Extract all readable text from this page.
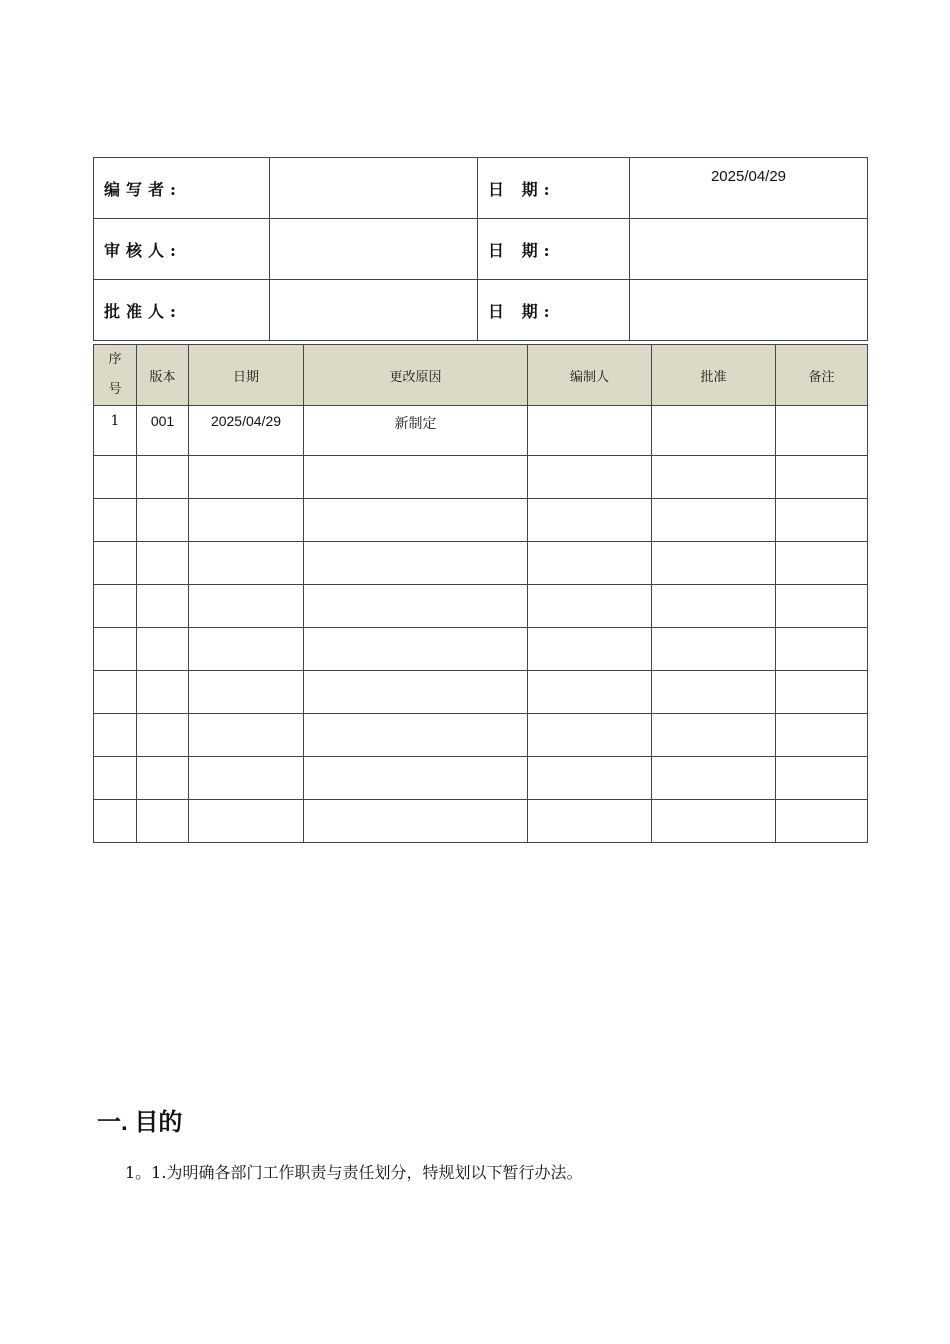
编写者:		日 期:	2025/04/29
审核人:		日 期:	
批准人:		日 期:	
序号	版本	日期	更改原因	编制人	批准	备注
1	001	2025/04/29	新制定			

一. 目的

1。1.为明确各部门工作职责与责任划分，特规划以下暂行办法。
